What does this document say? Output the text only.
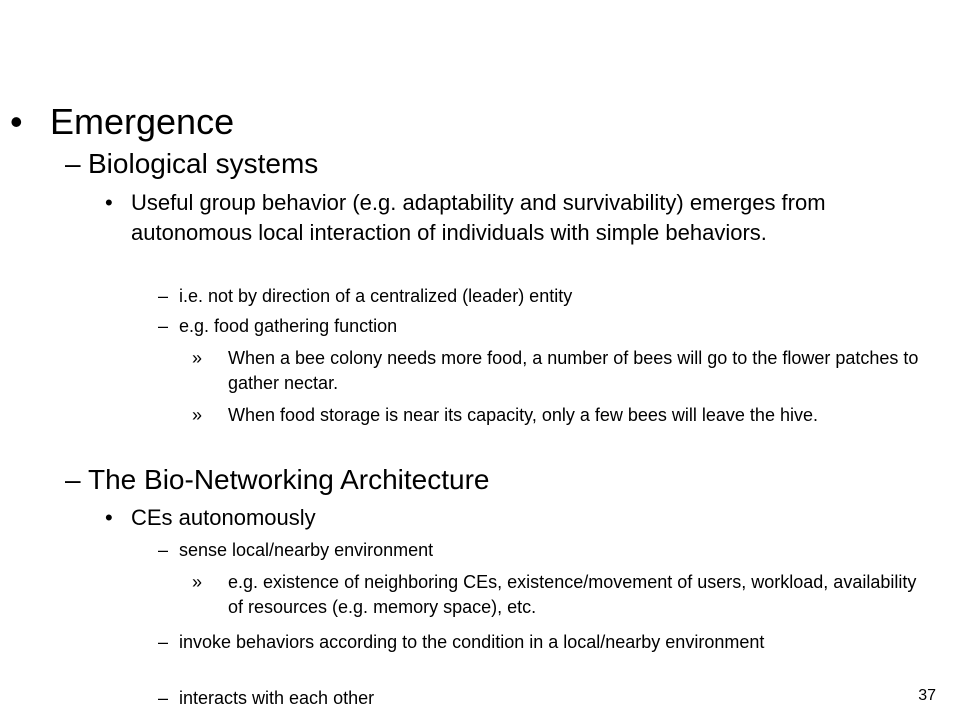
• Emergence
– Biological systems
• Useful group behavior (e.g. adaptability and survivability) emerges from autonomous local interaction of individuals with simple behaviors.
– i.e. not by direction of a centralized (leader) entity
– e.g. food gathering function
»	When a bee colony needs more food, a number of bees will go to the flower patches to gather nectar.
»	When food storage is near its capacity, only a few bees will leave the hive.
– The Bio-Networking Architecture
• CEs autonomously
– sense local/nearby environment
»	e.g. existence of neighboring CEs, existence/movement of users, workload, availability of resources (e.g. memory space), etc.
– invoke behaviors according to the condition in a local/nearby environment
– interacts with each other	37
